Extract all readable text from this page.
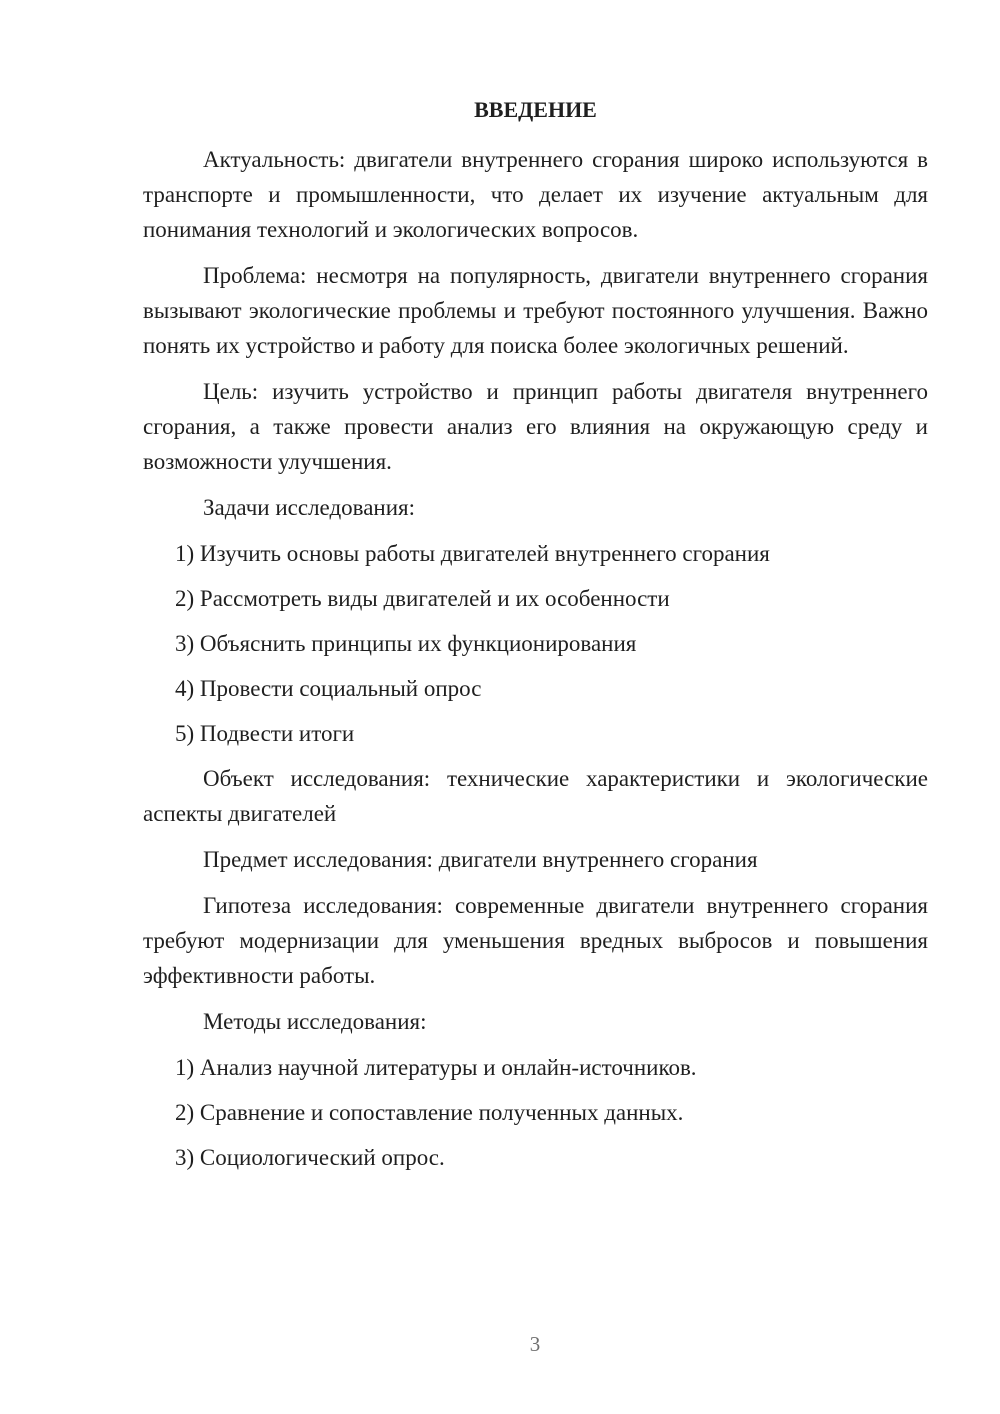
ВВЕДЕНИЕ

Актуальность: двигатели внутреннего сгорания широко используются в транспорте и промышленности, что делает их изучение актуальным для понимания технологий и экологических вопросов.

Проблема: несмотря на популярность, двигатели внутреннего сгорания вызывают экологические проблемы и требуют постоянного улучшения. Важно понять их устройство и работу для поиска более экологичных решений.

Цель: изучить устройство и принцип работы двигателя внутреннего сгорания, а также провести анализ его влияния на окружающую среду и возможности улучшения.

Задачи исследования:

1) Изучить основы работы двигателей внутреннего сгорания
2) Рассмотреть виды двигателей и их особенности
3) Объяснить принципы их функционирования
4) Провести социальный опрос
5) Подвести итоги

Объект исследования: технические характеристики и экологические аспекты двигателей

Предмет исследования: двигатели внутреннего сгорания

Гипотеза исследования: современные двигатели внутреннего сгорания требуют модернизации для уменьшения вредных выбросов и повышения эффективности работы.

Методы исследования:

1) Анализ научной литературы и онлайн-источников.
2) Сравнение и сопоставление полученных данных.
3) Социологический опрос.
3
